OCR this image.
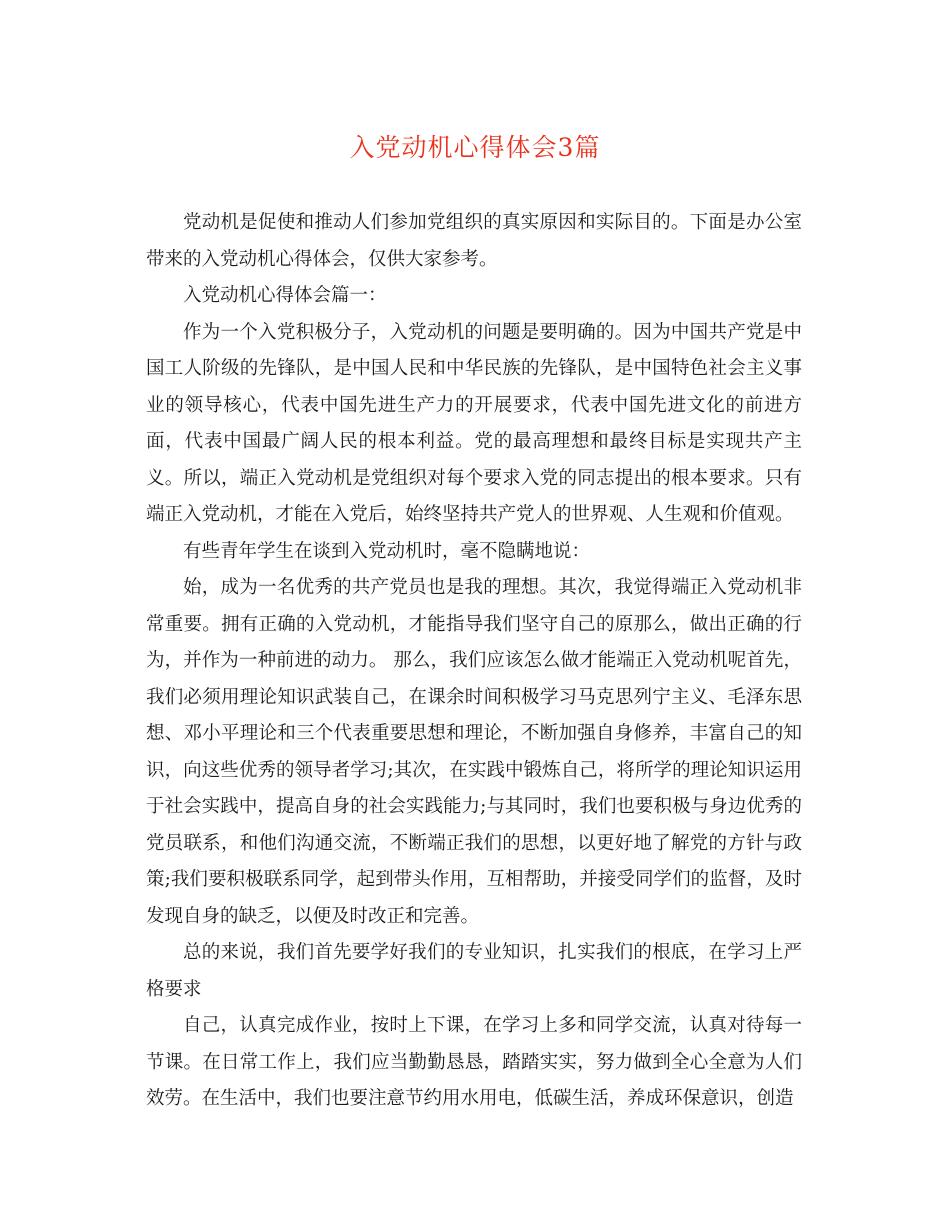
入党动机心得体会3篇

党动机是促使和推动人们参加党组织的真实原因和实际目的。下面是办公室带来的入党动机心得体会，仅供大家参考。

入党动机心得体会篇一：

作为一个入党积极分子，入党动机的问题是要明确的。因为中国共产党是中国工人阶级的先锋队，是中国人民和中华民族的先锋队，是中国特色社会主义事业的领导核心，代表中国先进生产力的开展要求，代表中国先进文化的前进方面，代表中国最广阔人民的根本利益。党的最高理想和最终目标是实现共产主义。所以，端正入党动机是党组织对每个要求入党的同志提出的根本要求。只有端正入党动机，才能在入党后，始终坚持共产党人的世界观、人生观和价值观。

有些青年学生在谈到入党动机时，毫不隐瞒地说：

始，成为一名优秀的共产党员也是我的理想。其次，我觉得端正入党动机非常重要。拥有正确的入党动机，才能指导我们坚守自己的原那么，做出正确的行为，并作为一种前进的动力。 那么，我们应该怎么做才能端正入党动机呢首先，我们必须用理论知识武装自己，在课余时间积极学习马克思列宁主义、毛泽东思想、邓小平理论和三个代表重要思想和理论，不断加强自身修养，丰富自己的知识，向这些优秀的领导者学习;其次，在实践中锻炼自己，将所学的理论知识运用于社会实践中，提高自身的社会实践能力;与其同时，我们也要积极与身边优秀的党员联系，和他们沟通交流，不断端正我们的思想，以更好地了解党的方针与政策;我们要积极联系同学，起到带头作用，互相帮助，并接受同学们的监督，及时发现自身的缺乏，以便及时改正和完善。

总的来说，我们首先要学好我们的专业知识，扎实我们的根底，在学习上严格要求

自己，认真完成作业，按时上下课，在学习上多和同学交流，认真对待每一节课。在日常工作上，我们应当勤勤恳恳，踏踏实实，努力做到全心全意为人们效劳。在生活中，我们也要注意节约用水用电，低碳生活，养成环保意识，创造
